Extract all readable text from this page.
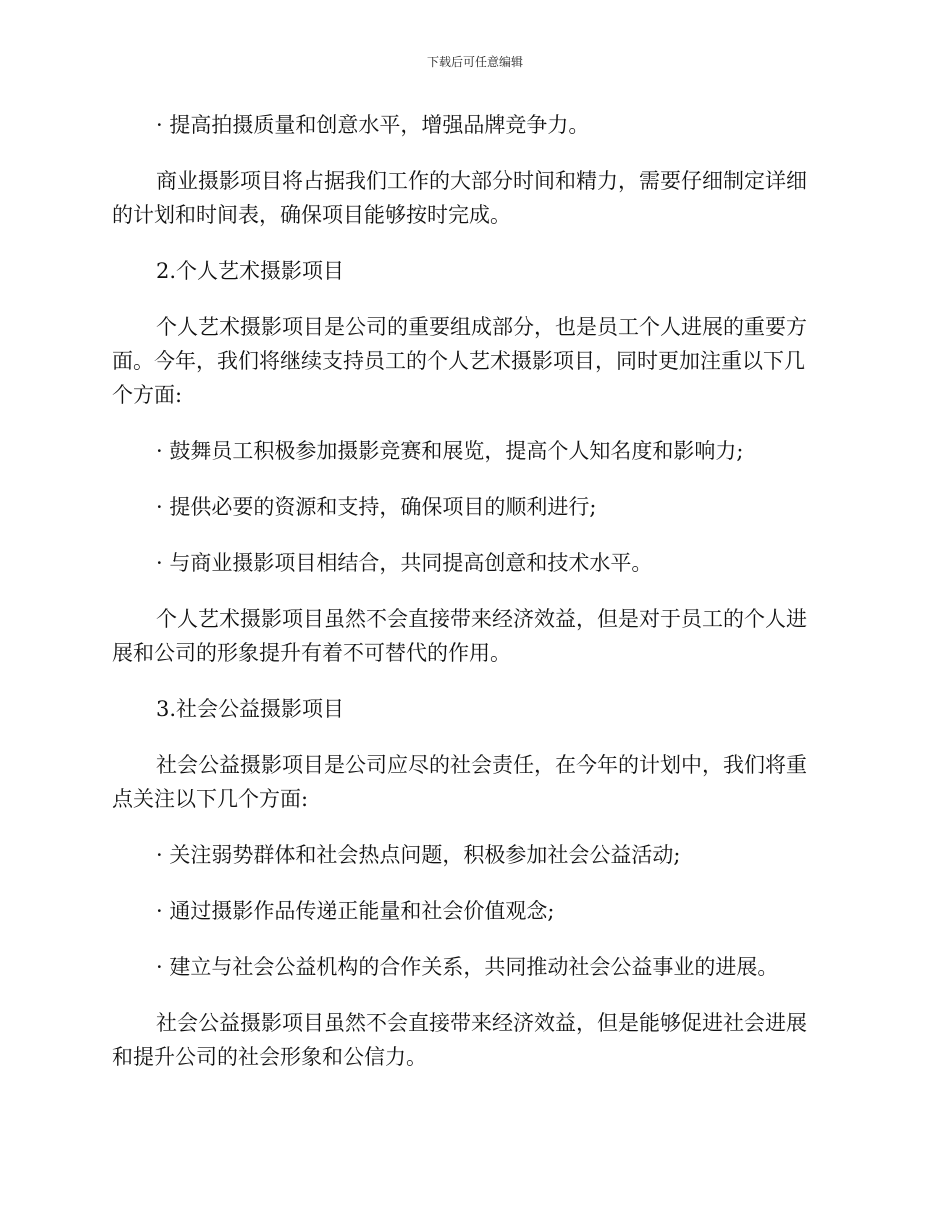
下载后可任意编辑

· 提高拍摄质量和创意水平，增强品牌竞争力。

商业摄影项目将占据我们工作的大部分时间和精力，需要仔细制定详细

的计划和时间表，确保项目能够按时完成。

2.个人艺术摄影项目

个人艺术摄影项目是公司的重要组成部分，也是员工个人进展的重要方

面。今年，我们将继续支持员工的个人艺术摄影项目，同时更加注重以下几

个方面:

· 鼓舞员工积极参加摄影竞赛和展览，提高个人知名度和影响力;

· 提供必要的资源和支持，确保项目的顺利进行;

· 与商业摄影项目相结合，共同提高创意和技术水平。

个人艺术摄影项目虽然不会直接带来经济效益，但是对于员工的个人进

展和公司的形象提升有着不可替代的作用。

3.社会公益摄影项目

社会公益摄影项目是公司应尽的社会责任，在今年的计划中，我们将重

点关注以下几个方面:

· 关注弱势群体和社会热点问题，积极参加社会公益活动;

· 通过摄影作品传递正能量和社会价值观念;

· 建立与社会公益机构的合作关系，共同推动社会公益事业的进展。

社会公益摄影项目虽然不会直接带来经济效益，但是能够促进社会进展

和提升公司的社会形象和公信力。
